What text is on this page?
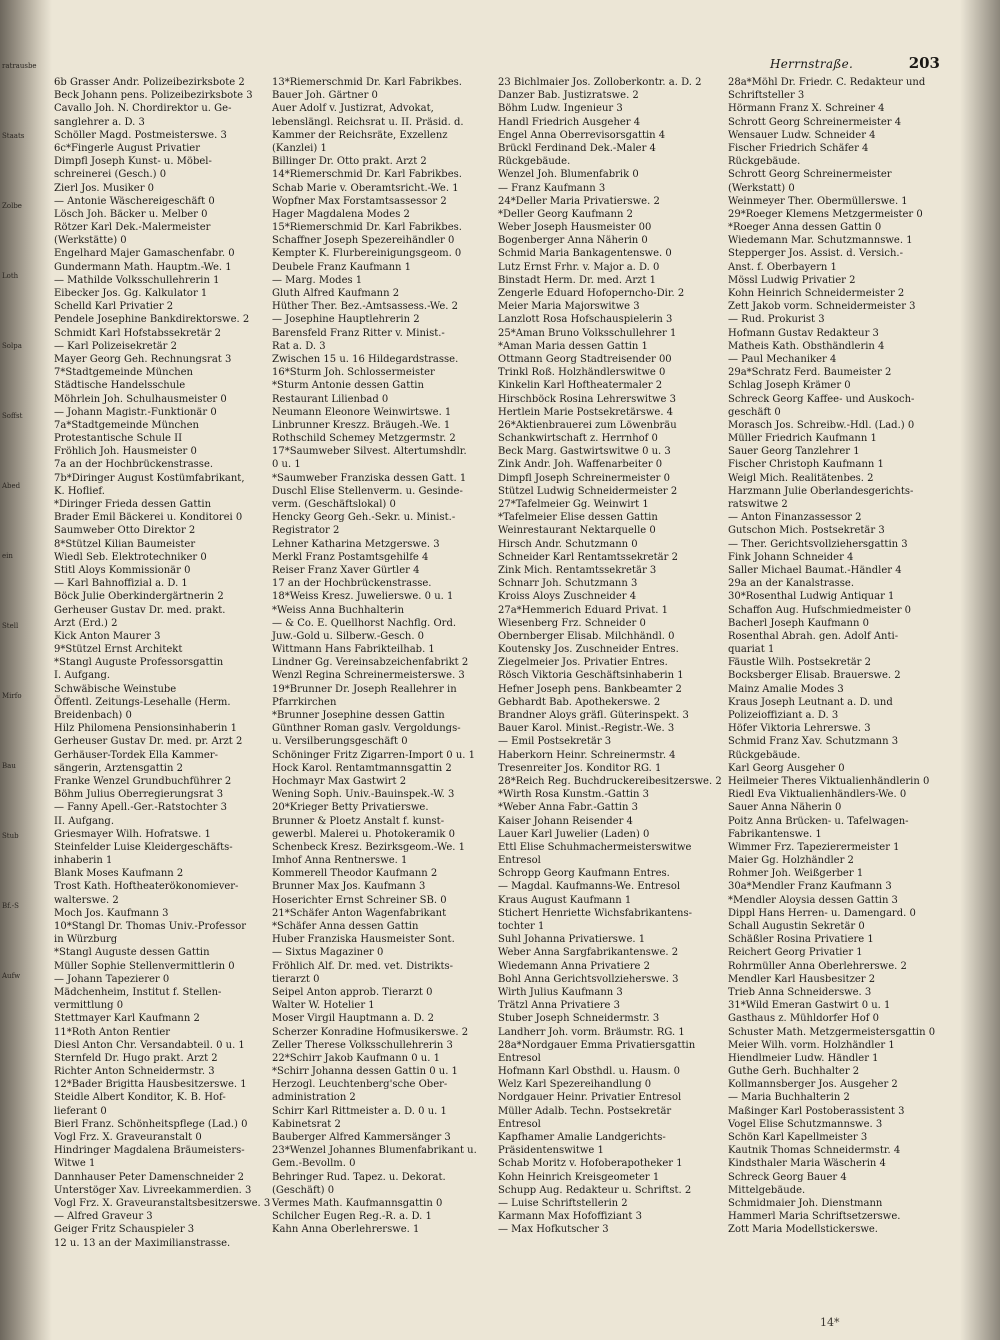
ratrausbe
Staats
Zolbe
Loth
Solpa
Soffst
Abed
ein
Stell
Mirfo
Bau
Stub
Bf.-S
Aufw
Herrnstraße.	203
6b Grasser Andr. Polizeibezirksbote 2
Beck Johann pens. Polizeibezirksbote 3
Cavallo Joh. N. Chordirektor u. Ge-
sanglehrer a. D. 3
Schöller Magd. Postmeisterswe. 3
6c*Fingerle August Privatier
Dimpfl Joseph Kunst- u. Möbel-
schreinerei (Gesch.) 0
Zierl Jos. Musiker 0
— Antonie Wäschereigeschäft 0
Lösch Joh. Bäcker u. Melber 0
Rötzer Karl Dek.-Malermeister
(Werkstätte) 0
Engelhard Majer Gamaschenfabr. 0
Gundermann Math. Hauptm.-We. 1
— Mathilde Volksschullehrerin 1
Eibecker Jos. Gg. Kalkulator 1
Schelld Karl Privatier 2
Pendele Josephine Bankdirektorswe. 2
Schmidt Karl Hofstabssekretär 2
— Karl Polizeisekretär 2
Mayer Georg Geh. Rechnungsrat 3
7*Stadtgemeinde München
Städtische Handelsschule
Möhrlein Joh. Schulhausmeister 0
— Johann Magistr.-Funktionär 0
7a*Stadtgemeinde München
Protestantische Schule II
Fröhlich Joh. Hausmeister 0
7a an der Hochbrückenstrasse.
7b*Diringer August Kostümfabrikant,
K. Hoflief.
*Diringer Frieda dessen Gattin
Brader Emil Bäckerei u. Konditorei 0
Saumweber Otto Direktor 2
8*Stützel Kilian Baumeister
Wiedl Seb. Elektrotechniker 0
Stitl Aloys Kommissionär 0
— Karl Bahnoffizial a. D. 1
Böck Julie Oberkindergärtnerin 2
Gerheuser Gustav Dr. med. prakt.
Arzt (Erd.) 2
Kick Anton Maurer 3
9*Stützel Ernst Architekt
*Stangl Auguste Professorsgattin
I. Aufgang.
Schwäbische Weinstube
Öffentl. Zeitungs-Lesehalle (Herm.
Breidenbach) 0
Hilz Philomena Pensionsinhaberin 1
Gerheuser Gustav Dr. med. pr. Arzt 2
Gerhäuser-Tordek Ella Kammer-
sängerin, Arztensgattin 2
Franke Wenzel Grundbuchführer 2
Böhm Julius Oberregierungsrat 3
— Fanny Apell.-Ger.-Ratstochter 3
II. Aufgang.
Griesmayer Wilh. Hofratswe. 1
Steinfelder Luise Kleidergeschäfts-
inhaberin 1
Blank Moses Kaufmann 2
Trost Kath. Hoftheaterökonomiever-
walterswe. 2
Moch Jos. Kaufmann 3
10*Stangl Dr. Thomas Univ.-Professor
in Würzburg
*Stangl Auguste dessen Gattin
Müller Sophie Stellenvermittlerin 0
— Johann Tapezierer 0
Mädchenheim, Institut f. Stellen-
vermittlung 0
Stettmayer Karl Kaufmann 2
11*Roth Anton Rentier
Diesl Anton Chr. Versandabteil. 0 u. 1
Sternfeld Dr. Hugo prakt. Arzt 2
Richter Anton Schneidermstr. 3
12*Bader Brigitta Hausbesitzerswe. 1
Steidle Albert Konditor, K. B. Hof-
lieferant 0
Bierl Franz. Schönheitspflege (Lad.) 0
Vogl Frz. X. Graveuranstalt 0
Hindringer Magdalena Bräumeisters-
Witwe 1
Dannhauser Peter Damenschneider 2
Unterstöger Xav. Livreekammerdien. 3
Vogl Frz. X. Graveuranstaltsbesitzerswe. 3
— Alfred Graveur 3
Geiger Fritz Schauspieler 3
12 u. 13 an der Maximilianstrasse.
13*Riemerschmid Dr. Karl Fabrikbes.
Bauer Joh. Gärtner 0
Auer Adolf v. Justizrat, Advokat,
lebenslängl. Reichsrat u. II. Präsid. d.
Kammer der Reichsräte, Exzellenz
(Kanzlei) 1
Billinger Dr. Otto prakt. Arzt 2
14*Riemerschmid Dr. Karl Fabrikbes.
Schab Marie v. Oberamtsricht.-We. 1
Wopfner Max Forstamtsassessor 2
Hager Magdalena Modes 2
15*Riemerschmid Dr. Karl Fabrikbes.
Schaffner Joseph Spezereihändler 0
Kempter K. Flurbereinigungsgeom. 0
Deubele Franz Kaufmann 1
— Marg. Modes 1
Gluth Alfred Kaufmann 2
Hüther Ther. Bez.-Amtsassess.-We. 2
— Josephine Hauptlehrerin 2
Barensfeld Franz Ritter v. Minist.-
Rat a. D. 3
Zwischen 15 u. 16 Hildegardstrasse.
16*Sturm Joh. Schlossermeister
*Sturm Antonie dessen Gattin
Restaurant Lilienbad 0
Neumann Eleonore Weinwirtswe. 1
Linbrunner Kreszz. Bräugeh.-We. 1
Rothschild Schemey Metzgermstr. 2
17*Saumweber Silvest. Altertumshdlr.
0 u. 1
*Saumweber Franziska dessen Gatt. 1
Duschl Elise Stellenverm. u. Gesinde-
verm. (Geschäftslokal) 0
Hencky Georg Geh.-Sekr. u. Minist.-
Registrator 2
Lehner Katharina Metzgerswe. 3
Merkl Franz Postamtsgehilfe 4
Reiser Franz Xaver Gürtler 4
17 an der Hochbrückenstrasse.
18*Weiss Kresz. Juwelierswe. 0 u. 1
*Weiss Anna Buchhalterin
— & Co. E. Quellhorst Nachflg. Ord.
Juw.-Gold u. Silberw.-Gesch. 0
Wittmann Hans Fabrikteilhab. 1
Lindner Gg. Vereinsabzeichenfabrikt 2
Wenzl Regina Schreinermeisterswe. 3
19*Brunner Dr. Joseph Reallehrer in
Pfarrkirchen
*Brunner Josephine dessen Gattin
Günthner Roman gaslv. Vergoldungs-
u. Versilberungsgeschäft 0
Schöninger Fritz Zigarren-Import 0 u. 1
Hock Karol. Rentamtmannsgattin 2
Hochmayr Max Gastwirt 2
Wening Soph. Univ.-Bauinspek.-W. 3
20*Krieger Betty Privatierswe.
Brunner & Ploetz Anstalt f. kunst-
gewerbl. Malerei u. Photokeramik 0
Schenbeck Kresz. Bezirksgeom.-We. 1
Imhof Anna Rentnerswe. 1
Kommerell Theodor Kaufmann 2
Brunner Max Jos. Kaufmann 3
Hoserichter Ernst Schreiner SB. 0
21*Schäfer Anton Wagenfabrikant
*Schäfer Anna dessen Gattin
Huber Franziska Hausmeister Sont.
— Sixtus Magaziner 0
Fröhlich Alf. Dr. med. vet. Distrikts-
tierarzt 0
Seipel Anton approb. Tierarzt 0
Walter W. Hotelier 1
Moser Virgil Hauptmann a. D. 2
Scherzer Konradine Hofmusikerswe. 2
Zeller Therese Volksschullehrerin 3
22*Schirr Jakob Kaufmann 0 u. 1
*Schirr Johanna dessen Gattin 0 u. 1
Herzogl. Leuchtenberg'sche Ober-
administration 2
Schirr Karl Rittmeister a. D. 0 u. 1
Kabinetsrat 2
Bauberger Alfred Kammersänger 3
23*Wenzel Johannes Blumenfabrikant u.
Gem.-Bevollm. 0
Behringer Rud. Tapez. u. Dekorat.
(Geschäft) 0
Vermes Math. Kaufmannsgattin 0
Schilcher Eugen Reg.-R. a. D. 1
Kahn Anna Oberlehrerswe. 1
23 Bichlmaier Jos. Zolloberkontr. a. D. 2
Danzer Bab. Justizratswe. 2
Böhm Ludw. Ingenieur 3
Handl Friedrich Ausgeher 4
Engel Anna Oberrevisorsgattin 4
Brückl Ferdinand Dek.-Maler 4
Rückgebäude.
Wenzel Joh. Blumenfabrik 0
— Franz Kaufmann 3
24*Deller Maria Privatierswe. 2
*Deller Georg Kaufmann 2
Weber Joseph Hausmeister 00
Bogenberger Anna Näherin 0
Schmid Maria Bankagentenswe. 0
Lutz Ernst Frhr. v. Major a. D. 0
Binstadt Herm. Dr. med. Arzt 1
Zengerle Eduard Hofoperncho-Dir. 2
Meier Maria Majorswitwe 3
Lanzlott Rosa Hofschauspielerin 3
25*Aman Bruno Volksschullehrer 1
*Aman Maria dessen Gattin 1
Ottmann Georg Stadtreisender 00
Trinkl Roß. Holzhändlerswitwe 0
Kinkelin Karl Hoftheatermaler 2
Hirschböck Rosina Lehrerswitwe 3
Hertlein Marie Postsekretärswe. 4
26*Aktienbrauerei zum Löwenbräu
Schankwirtschaft z. Herrnhof 0
Beck Marg. Gastwirtswitwe 0 u. 3
Zink Andr. Joh. Waffenarbeiter 0
Dimpfl Joseph Schreinermeister 0
Stützel Ludwig Schneidermeister 2
27*Tafelmeier Gg. Weinwirt 1
*Tafelmeier Elise dessen Gattin
Weinrestaurant Nektarquelle 0
Hirsch Andr. Schutzmann 0
Schneider Karl Rentamtssekretär 2
Zink Mich. Rentamtssekretär 3
Schnarr Joh. Schutzmann 3
Kroiss Aloys Zuschneider 4
27a*Hemmerich Eduard Privat. 1
Wiesenberg Frz. Schneider 0
Obernberger Elisab. Milchhändl. 0
Koutensky Jos. Zuschneider Entres.
Ziegelmeier Jos. Privatier Entres.
Rösch Viktoria Geschäftsinhaberin 1
Hefner Joseph pens. Bankbeamter 2
Gebhardt Bab. Apothekerswe. 2
Brandner Aloys gräfl. Güterinspekt. 3
Bauer Karol. Minist.-Registr.-We. 3
— Emil Postsekretär 3
Haberkorn Heinr. Schreinermstr. 4
Tresenreiter Jos. Konditor RG. 1
28*Reich Reg. Buchdruckereibesitzerswe. 2
*Wirth Rosa Kunstm.-Gattin 3
*Weber Anna Fabr.-Gattin 3
Kaiser Johann Reisender 4
Lauer Karl Juwelier (Laden) 0
Ettl Elise Schuhmachermeisterswitwe
Entresol
Schropp Georg Kaufmann Entres.
— Magdal. Kaufmanns-We. Entresol
Kraus August Kaufmann 1
Stichert Henriette Wichsfabrikantens-
tochter 1
Suhl Johanna Privatierswe. 1
Weber Anna Sargfabrikantenswe. 2
Wiedemann Anna Privatiere 2
Bohl Anna Gerichtsvollzieherswe. 3
Wirth Julius Kaufmann 3
Trätzl Anna Privatiere 3
Stuber Joseph Schneidermstr. 3
Landherr Joh. vorm. Bräumstr. RG. 1
28a*Nordgauer Emma Privatiersgattin
Entresol
Hofmann Karl Obsthdl. u. Hausm. 0
Welz Karl Spezereihandlung 0
Nordgauer Heinr. Privatier Entresol
Müller Adalb. Techn. Postsekretär
Entresol
Kapfhamer Amalie Landgerichts-
Präsidentenswitwe 1
Schab Moritz v. Hofoberapotheker 1
Kohn Heinrich Kreisgeometer 1
Schupp Aug. Redakteur u. Schriftst. 2
— Luise Schriftstellerin 2
Karmann Max Hofoffiziant 3
— Max Hofkutscher 3
28a*Möhl Dr. Friedr. C. Redakteur und
Schriftsteller 3
Hörmann Franz X. Schreiner 4
Schrott Georg Schreinermeister 4
Wensauer Ludw. Schneider 4
Fischer Friedrich Schäfer 4
Rückgebäude.
Schrott Georg Schreinermeister
(Werkstatt) 0
Weinmeyer Ther. Obermüllerswe. 1
29*Roeger Klemens Metzgermeister 0
*Roeger Anna dessen Gattin 0
Wiedemann Mar. Schutzmannswe. 1
Stepperger Jos. Assist. d. Versich.-
Anst. f. Oberbayern 1
Mössl Ludwig Privatier 2
Kohn Heinrich Schneidermeister 2
Zett Jakob vorm. Schneidermeister 3
— Rud. Prokurist 3
Hofmann Gustav Redakteur 3
Matheis Kath. Obsthändlerin 4
— Paul Mechaniker 4
29a*Schratz Ferd. Baumeister 2
Schlag Joseph Krämer 0
Schreck Georg Kaffee- und Auskoch-
geschäft 0
Morasch Jos. Schreibw.-Hdl. (Lad.) 0
Müller Friedrich Kaufmann 1
Sauer Georg Tanzlehrer 1
Fischer Christoph Kaufmann 1
Weigl Mich. Realitätenbes. 2
Harzmann Julie Oberlandesgerichts-
ratswitwe 2
— Anton Finanzassessor 2
Gutschon Mich. Postsekretär 3
— Ther. Gerichtsvollziehersgattin 3
Fink Johann Schneider 4
Saller Michael Baumat.-Händler 4
29a an der Kanalstrasse.
30*Rosenthal Ludwig Antiquar 1
Schaffon Aug. Hufschmiedmeister 0
Bacherl Joseph Kaufmann 0
Rosenthal Abrah. gen. Adolf Anti-
quariat 1
Fäustle Wilh. Postsekretär 2
Bocksberger Elisab. Brauerswe. 2
Mainz Amalie Modes 3
Kraus Joseph Leutnant a. D. und
Polizeioffiziant a. D. 3
Höfer Viktoria Lehrerswe. 3
Schmid Franz Xav. Schutzmann 3
Rückgebäude.
Karl Georg Ausgeher 0
Heilmeier Theres Viktualienhändlerin 0
Riedl Eva Viktualienhändlers-We. 0
Sauer Anna Näherin 0
Poitz Anna Brücken- u. Tafelwagen-
Fabrikantenswe. 1
Wimmer Frz. Tapezierermeister 1
Maier Gg. Holzhändler 2
Rohmer Joh. Weißgerber 1
30a*Mendler Franz Kaufmann 3
*Mendler Aloysia dessen Gattin 3
Dippl Hans Herren- u. Damengard. 0
Schall Augustin Sekretär 0
Schäßler Rosina Privatiere 1
Reichert Georg Privatier 1
Rohrmüller Anna Oberlehrerswe. 2
Mendler Karl Hausbesitzer 2
Trieb Anna Schneiderswe. 3
31*Wild Emeran Gastwirt 0 u. 1
Gasthaus z. Mühldorfer Hof 0
Schuster Math. Metzgermeistersgattin 0
Meier Wilh. vorm. Holzhändler 1
Hiendlmeier Ludw. Händler 1
Guthe Gerh. Buchhalter 2
Kollmannsberger Jos. Ausgeher 2
— Maria Buchhalterin 2
Maßinger Karl Postoberassistent 3
Vogel Elise Schutzmannswe. 3
Schön Karl Kapellmeister 3
Kautnik Thomas Schneidermstr. 4
Kindsthaler Maria Wäscherin 4
Schreck Georg Bauer 4
Mittelgebäude.
Schmidmaier Joh. Dienstmann
Hammerl Maria Schriftsetzerswe.
Zott Maria Modellstickerswe.
14*
